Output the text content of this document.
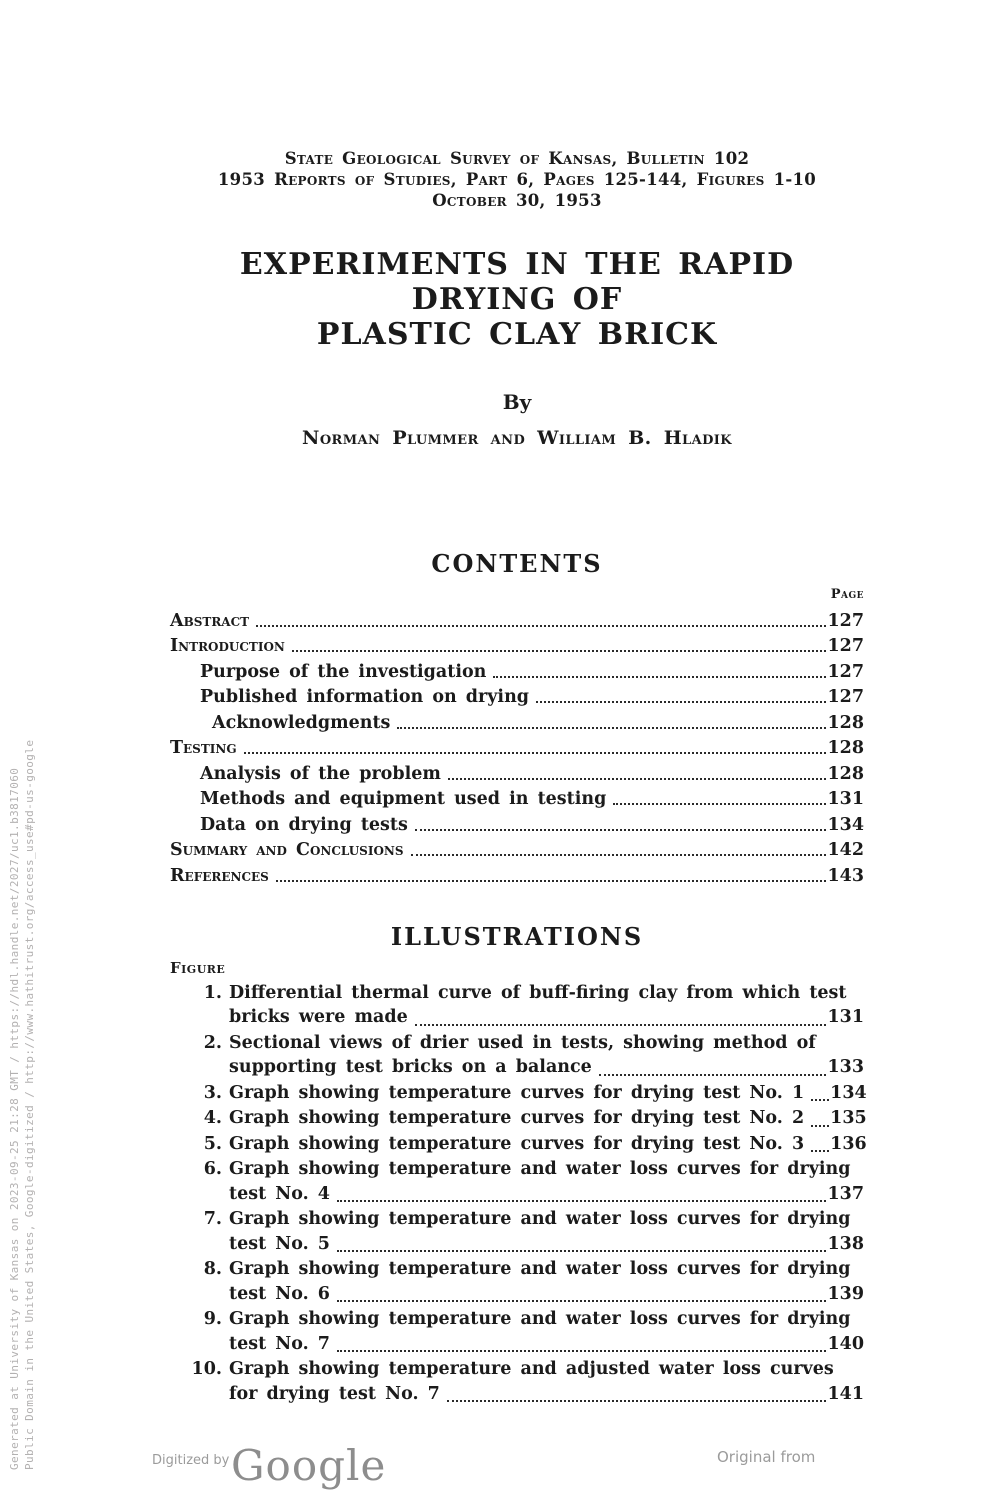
State Geological Survey of Kansas, Bulletin 102
1953 Reports of Studies, Part 6, Pages 125-144, Figures 1-10
October 30, 1953
EXPERIMENTS IN THE RAPID DRYING OF
PLASTIC CLAY BRICK
By
Norman Plummer and William B. Hladik
CONTENTS
Page
Abstract	127
Introduction	127
Purpose of the investigation	127
Published information on drying	127
Acknowledgments	128
Testing	128
Analysis of the problem	128
Methods and equipment used in testing	131
Data on drying tests	134
Summary and Conclusions	142
References	143
ILLUSTRATIONS
Figure
1. Differential thermal curve of buff-firing clay from which test
bricks were made	131
2. Sectional views of drier used in tests, showing method of
supporting test bricks on a balance	133
3. Graph showing temperature curves for drying test No. 1 134
4. Graph showing temperature curves for drying test No. 2 135
5. Graph showing temperature curves for drying test No. 3 136
6. Graph showing temperature and water loss curves for drying
test No. 4	137
7. Graph showing temperature and water loss curves for drying
test No. 5	138
8. Graph showing temperature and water loss curves for drying
test No. 6	139
9. Graph showing temperature and water loss curves for drying
test No. 7	140
10. Graph showing temperature and adjusted water loss curves
for drying test No. 7	141
Generated at University of Kansas on 2023-09-25 21:28 GMT / https://hdl.handle.net/2027/uc1.b3817060 Public Domain in the United States, Google-digitized / http://www.hathitrust.org/access_use#pd-us-google	Digitized by Google	Original from
